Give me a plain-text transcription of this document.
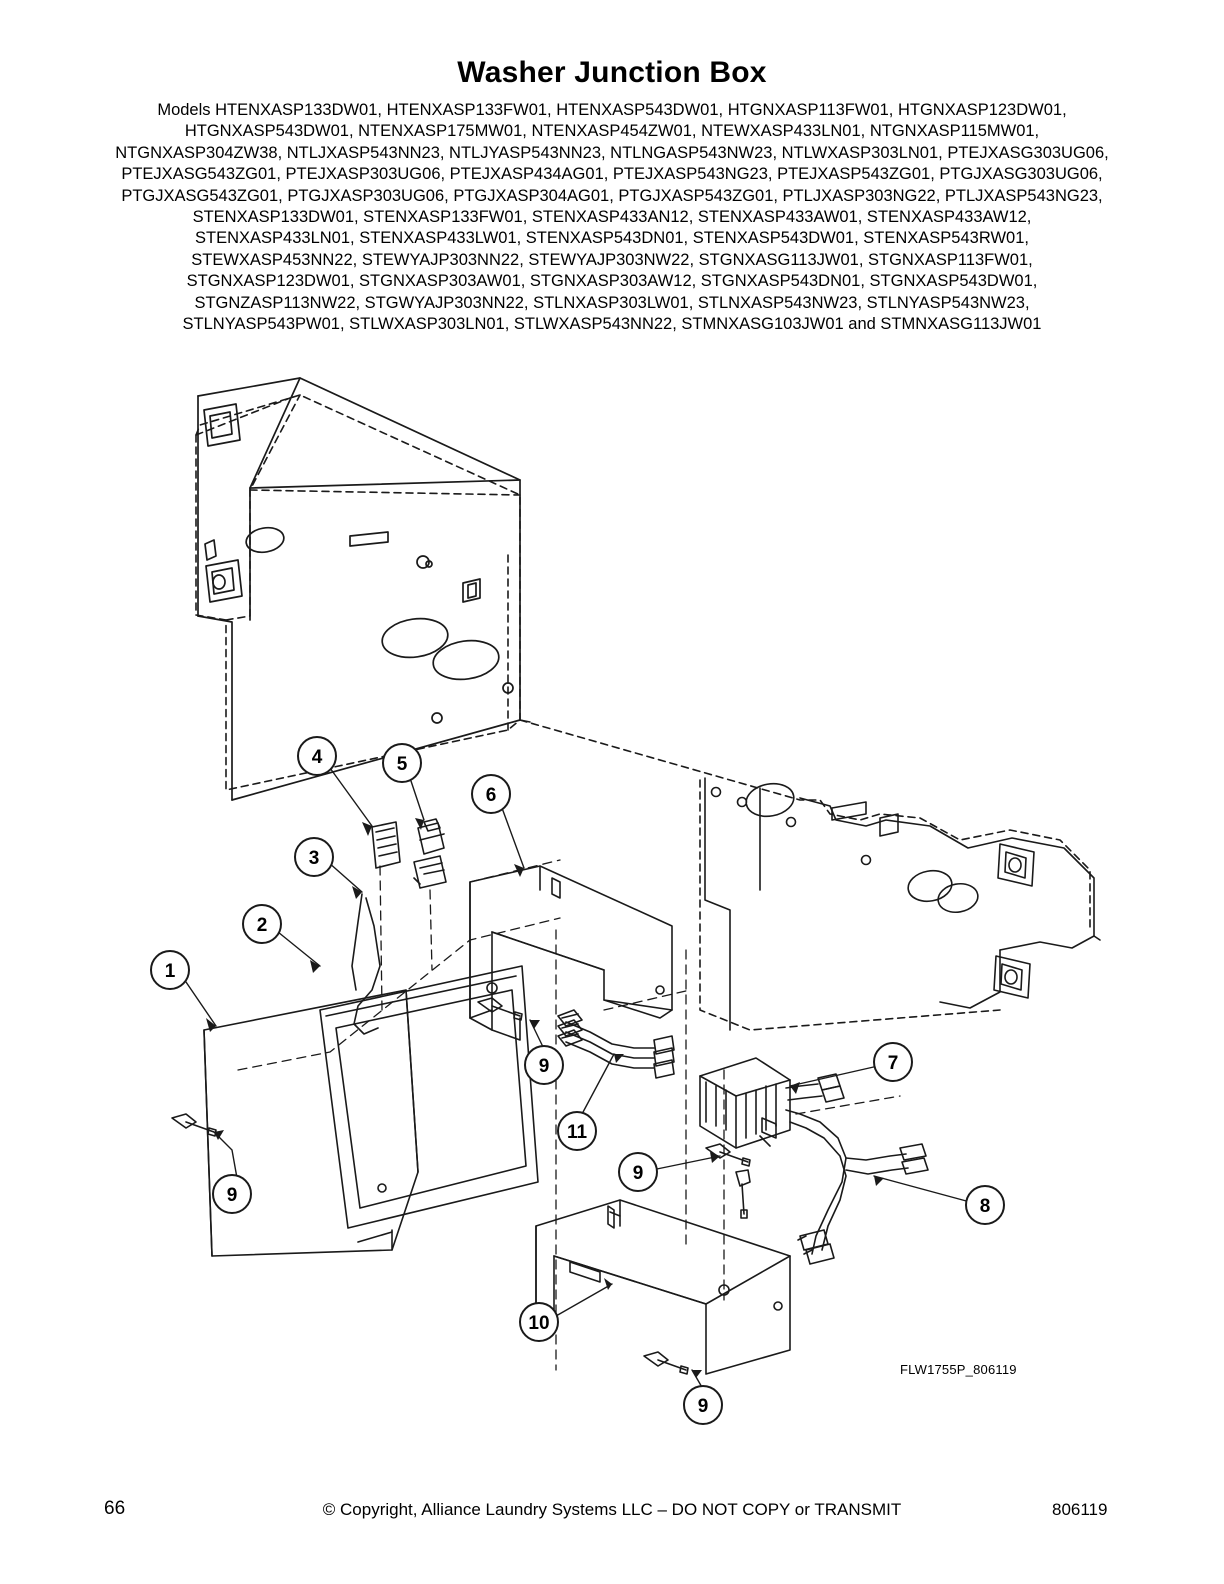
Washer Junction Box
Models HTENXASP133DW01, HTENXASP133FW01, HTENXASP543DW01, HTGNXASP113FW01, HTGNXASP123DW01, HTGNXASP543DW01, NTENXASP175MW01, NTENXASP454ZW01, NTEWXASP433LN01, NTGNXASP115MW01, NTGNXASP304ZW38, NTLJXASP543NN23, NTLJYASP543NN23, NTLNGASP543NW23, NTLWXASP303LN01, PTEJXASG303UG06, PTEJXASG543ZG01, PTEJXASP303UG06, PTEJXASP434AG01, PTEJXASP543NG23, PTEJXASP543ZG01, PTGJXASG303UG06, PTGJXASG543ZG01, PTGJXASP303UG06, PTGJXASP304AG01, PTGJXASP543ZG01, PTLJXASP303NG22, PTLJXASP543NG23, STENXASP133DW01, STENXASP133FW01, STENXASP433AN12, STENXASP433AW01, STENXASP433AW12, STENXASP433LN01, STENXASP433LW01, STENXASP543DN01, STENXASP543DW01, STENXASP543RW01, STEWXASP453NN22, STEWYAJP303NN22, STEWYAJP303NW22, STGNXASG113JW01, STGNXASP113FW01, STGNXASP123DW01, STGNXASP303AW01, STGNXASP303AW12, STGNXASP543DN01, STGNXASP543DW01, STGNZASP113NW22, STGWYAJP303NN22, STLNXASP303LW01, STLNXASP543NW23, STLNYASP543NW23, STLNYASP543PW01, STLWXASP303LN01, STLWXASP543NN22, STMNXASG103JW01 and STMNXASG113JW01
1
2
3
4	5
6
7
8
9
9
9
9
10
11
FLW1755P_806119
66	© Copyright, Alliance Laundry Systems LLC – DO NOT COPY or TRANSMIT	806119
